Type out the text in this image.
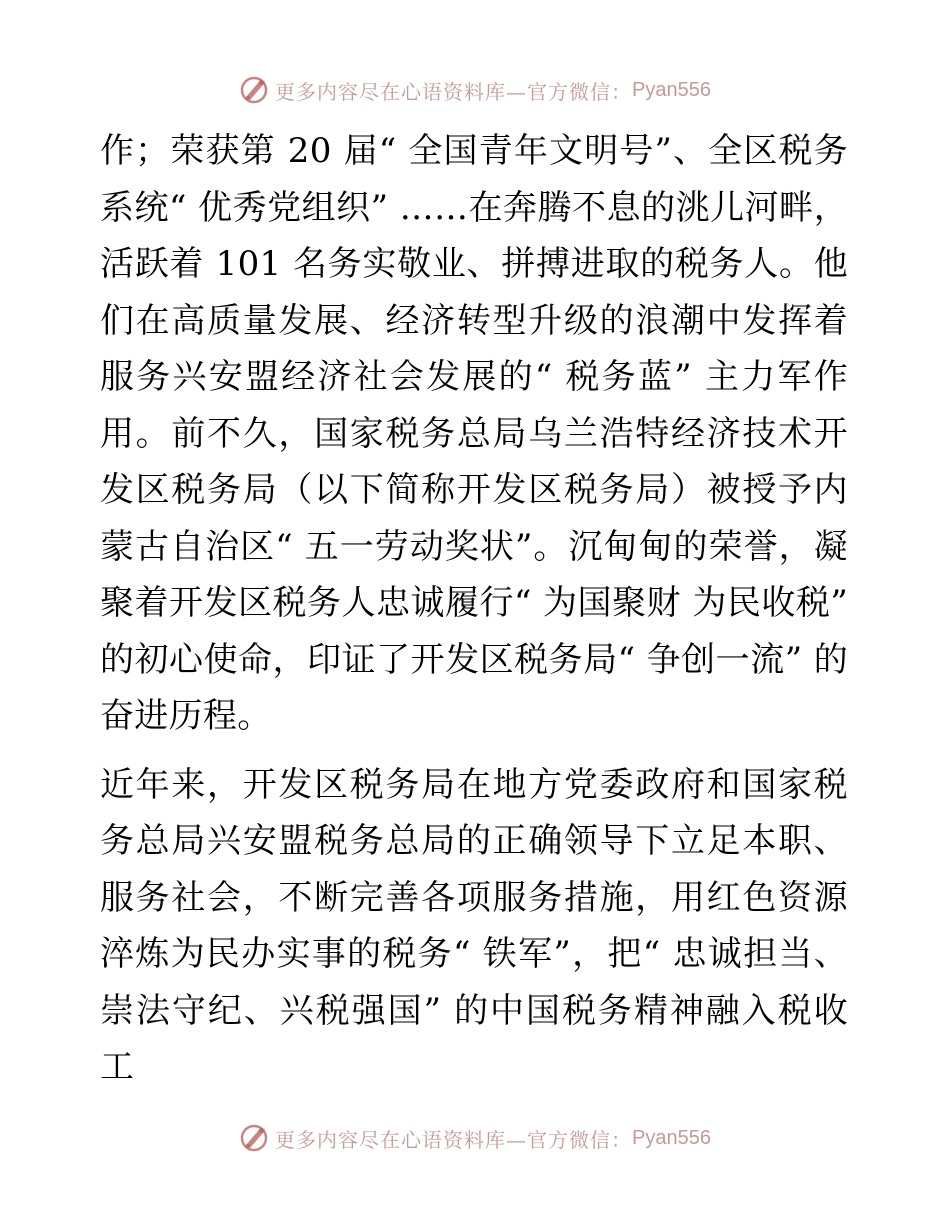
更多内容尽在心语资料库—官方微信： Pyan556

作；荣获第 20 届“ 全国青年文明号”、全区税务系统“ 优秀党组织” ……在奔腾不息的洮儿河畔，活跃着 101 名务实敬业、拼搏进取的税务人。他们在高质量发展、经济转型升级的浪潮中发挥着服务兴安盟经济社会发展的“ 税务蓝” 主力军作用。前不久，国家税务总局乌兰浩特经济技术开发区税务局（以下简称开发区税务局）被授予内蒙古自治区“ 五一劳动奖状”。沉甸甸的荣誉，凝聚着开发区税务人忠诚履行“ 为国聚财 为民收税” 的初心使命，印证了开发区税务局“ 争创一流” 的奋进历程。

近年来，开发区税务局在地方党委政府和国家税务总局兴安盟税务总局的正确领导下立足本职、服务社会，不断完善各项服务措施，用红色资源淬炼为民办实事的税务“ 铁军”，把“ 忠诚担当、崇法守纪、兴税强国” 的中国税务精神融入税收工

更多内容尽在心语资料库—官方微信： Pyan556
